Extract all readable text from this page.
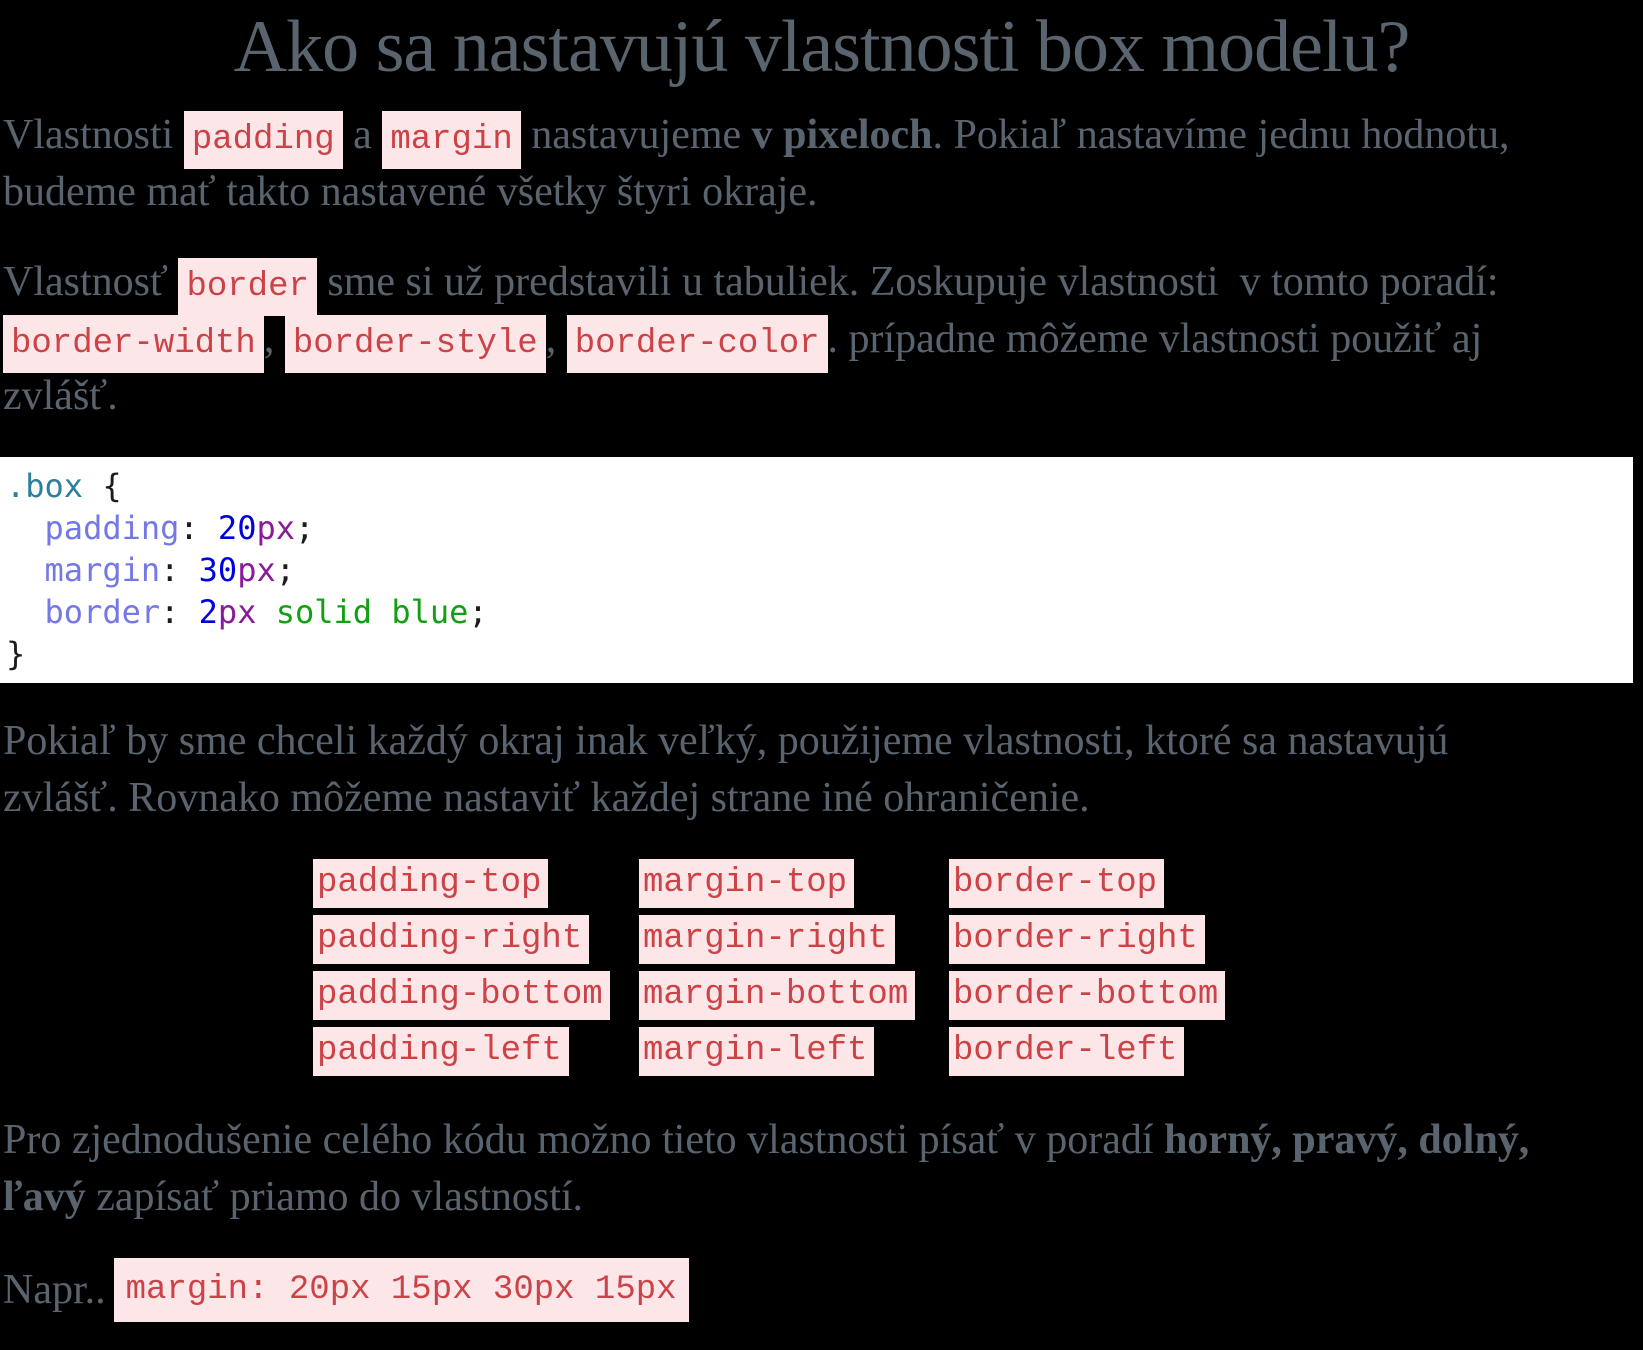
Ako sa nastavujú vlastnosti box modelu?

Vlastnosti padding a margin nastavujeme v pixeloch. Pokiaľ nastavíme jednu hodnotu, budeme mať takto nastavené všetky štyri okraje.

Vlastnosť border sme si už predstavili u tabuliek. Zoskupuje vlastnosti  v tomto poradí:  border-width , border-style , border-color . prípadne môžeme vlastnosti použiť aj zvlášť.

.box {
padding: 20px;
margin: 30px;
border: 2px solid blue;
}

Pokiaľ by sme chceli každý okraj inak veľký, použijeme vlastnosti, ktoré sa nastavujú zvlášť. Rovnako môžeme nastaviť každej strane iné ohraničenie.

padding-top	margin-top	border-top
padding-right margin-right border-right
padding-bottom margin-bottom border-bottom
padding-left margin-left	border-left

Pro zjednodušenie celého kódu možno tieto vlastnosti písať v poradí horný, pravý, dolný, ľavý zapísať priamo do vlastností.

Napr.. margin: 20px 15px 30px 15px
